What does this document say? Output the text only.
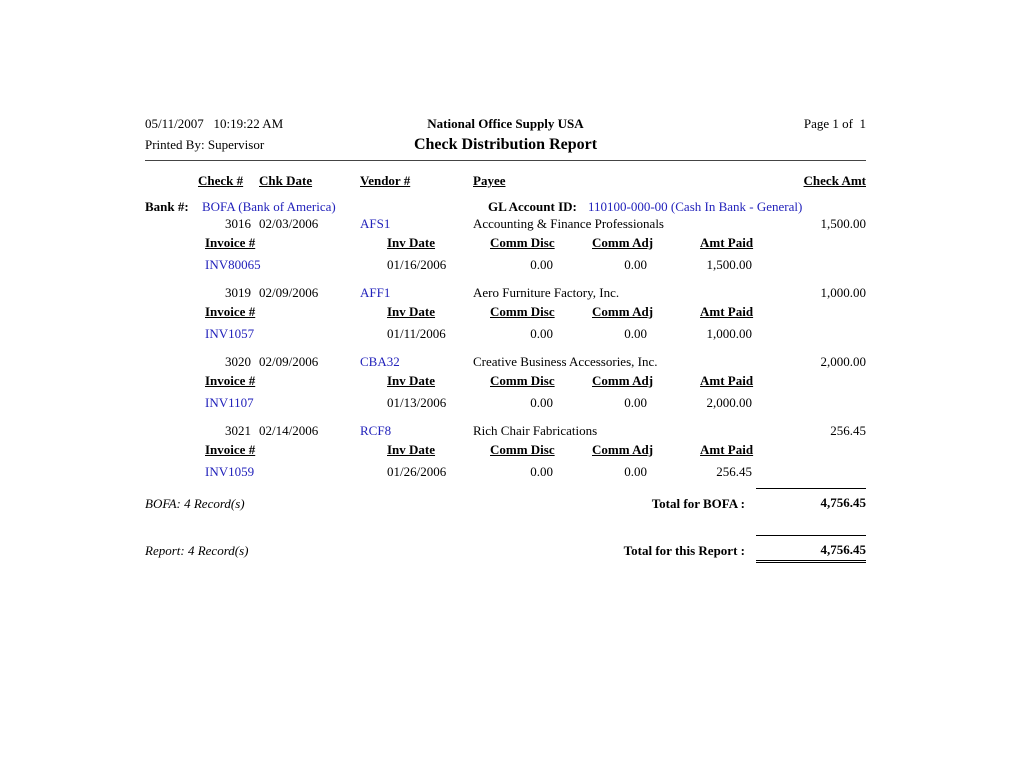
05/11/2007   10:19:22 AM	National Office Supply USA	Page 1 of  1
Printed By: Supervisor	Check Distribution Report
Check # Chk Date	Vendor #	Payee	Check Amt
Bank #: BOFA (Bank of America)	GL Account ID: 110100-000-00 (Cash In Bank - General)
3016 02/03/2006	AFS1	Accounting & Finance Professionals	1,500.00
Invoice #	Inv Date	Comm Disc	Comm Adj	Amt Paid
INV80065	01/16/2006	0.00	0.00	1,500.00
3019 02/09/2006	AFF1	Aero Furniture Factory, Inc.	1,000.00
Invoice #	Inv Date	Comm Disc	Comm Adj	Amt Paid
INV1057	01/11/2006	0.00	0.00	1,000.00
3020 02/09/2006	CBA32	Creative Business Accessories, Inc.	2,000.00
Invoice #	Inv Date	Comm Disc	Comm Adj	Amt Paid
INV1107	01/13/2006	0.00	0.00	2,000.00
3021 02/14/2006	RCF8	Rich Chair Fabrications	256.45
Invoice #	Inv Date	Comm Disc	Comm Adj	Amt Paid
INV1059	01/26/2006	0.00	0.00	256.45
BOFA: 4 Record(s)	Total for BOFA :	4,756.45
Report: 4 Record(s)	Total for this Report :	4,756.45
